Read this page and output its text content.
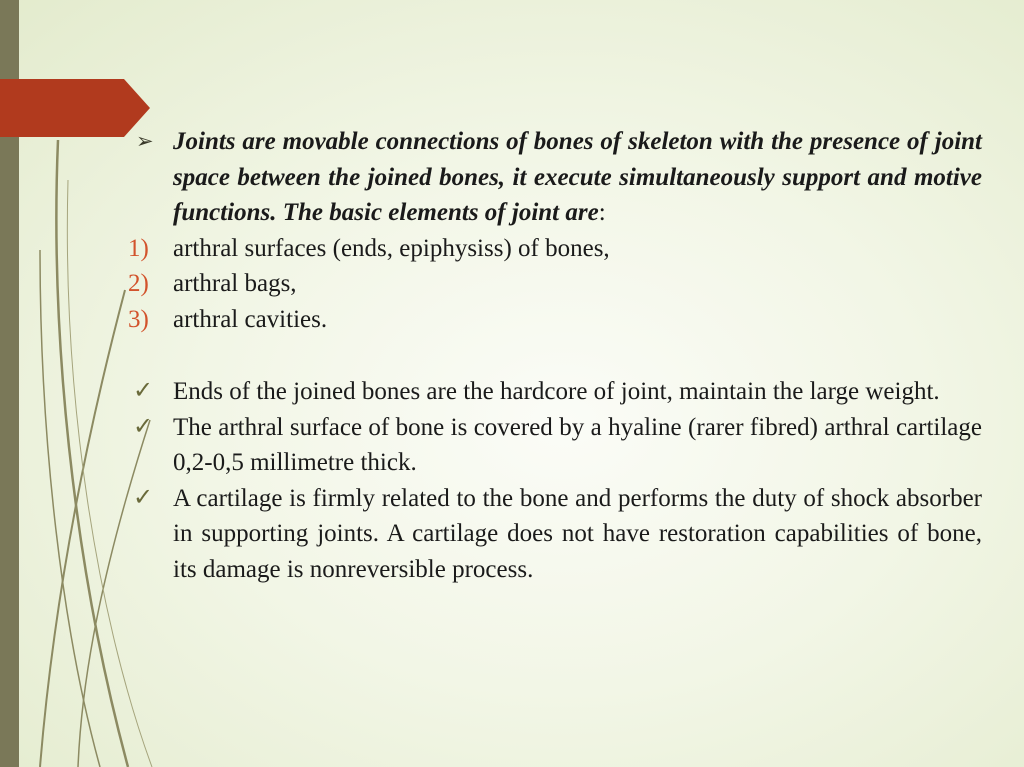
➢ Joints are movable connections of bones of skeleton with the presence of joint space between the joined bones, it execute simultaneously support and motive functions. The basic elements of joint are:
1) arthral surfaces (ends, epiphysiss) of bones,
2) arthral bags,
3) arthral cavities.
✓ Ends of the joined bones are the hardcore of joint, maintain the large weight.
✓ The arthral surface of bone is covered by a hyaline (rarer fibred) arthral cartilage 0,2-0,5 millimetre thick.
✓ A cartilage is firmly related to the bone and performs the duty of shock absorber in supporting joints. A cartilage does not have restoration capabilities of bone, its damage is nonreversible process.
